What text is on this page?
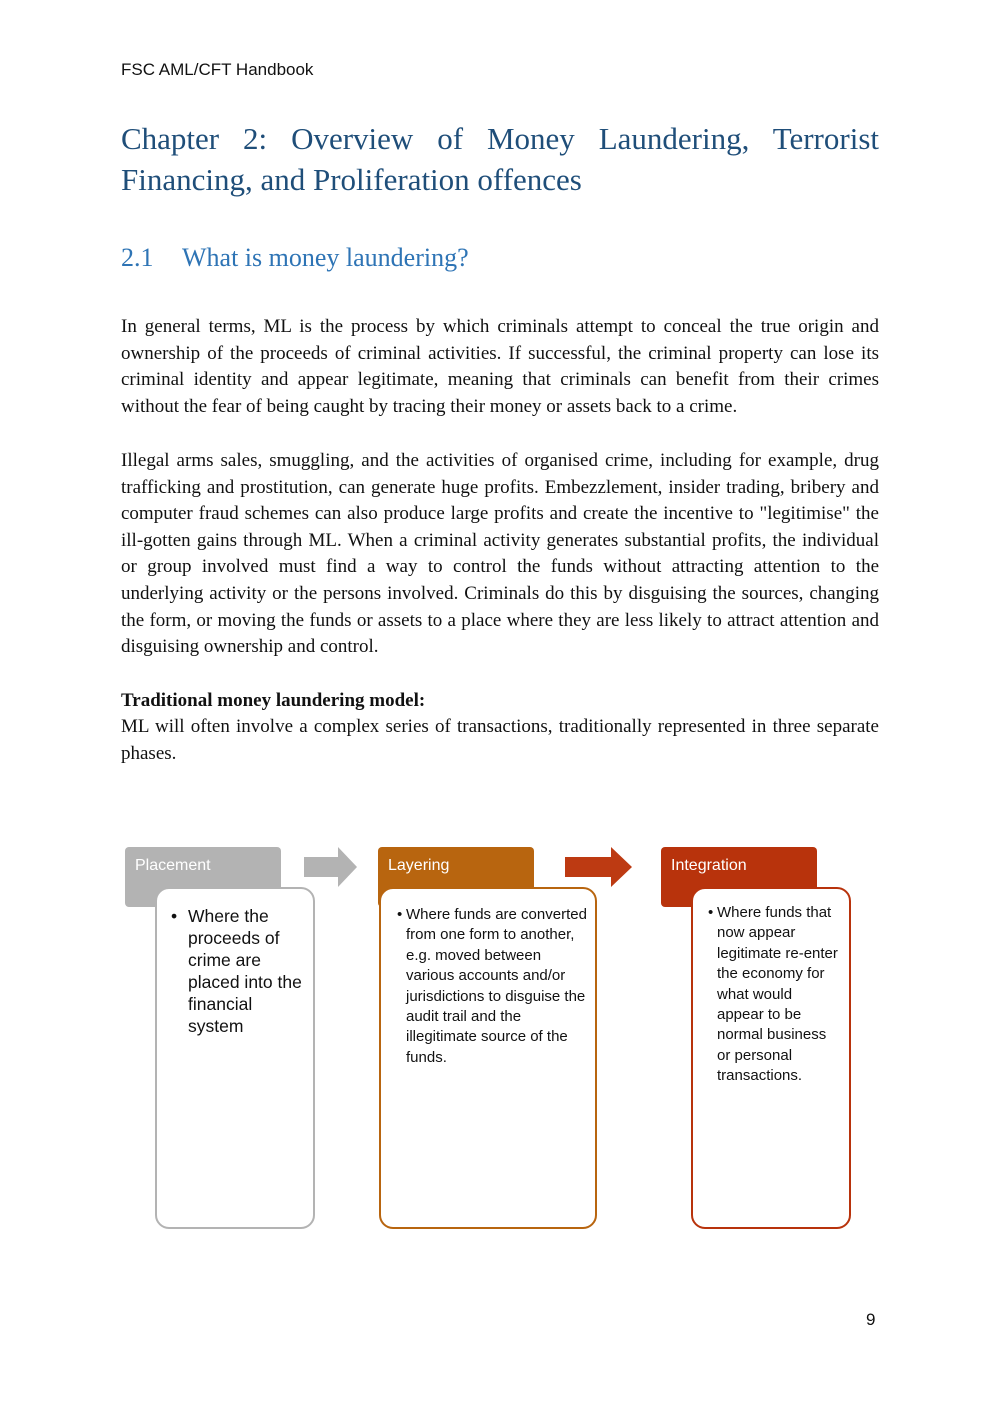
FSC AML/CFT Handbook
Chapter 2: Overview of Money Laundering, Terrorist Financing, and Proliferation offences
2.1 What is money laundering?

In general terms, ML is the process by which criminals attempt to conceal the true origin and ownership of the proceeds of criminal activities. If successful, the criminal property can lose its criminal identity and appear legitimate, meaning that criminals can benefit from their crimes without the fear of being caught by tracing their money or assets back to a crime.

Illegal arms sales, smuggling, and the activities of organised crime, including for example, drug trafficking and prostitution, can generate huge profits. Embezzlement, insider trading, bribery and computer fraud schemes can also produce large profits and create the incentive to "legitimise" the ill-gotten gains through ML. When a criminal activity generates substantial profits, the individual or group involved must find a way to control the funds without attracting attention to the underlying activity or the persons involved. Criminals do this by disguising the sources, changing the form, or moving the funds or assets to a place where they are less likely to attract attention and disguising ownership and control.

Traditional money laundering model:

ML will often involve a complex series of transactions, traditionally represented in three separate phases.

Placement
• Where the proceeds of crime are placed into the financial system
Layering
• Where funds are converted from one form to another, e.g. moved between various accounts and/or jurisdictions to disguise the audit trail and the illegitimate source of the funds.
Integration
• Where funds that now appear legitimate re-enter the economy for what would appear to be normal business or personal transactions.
9
